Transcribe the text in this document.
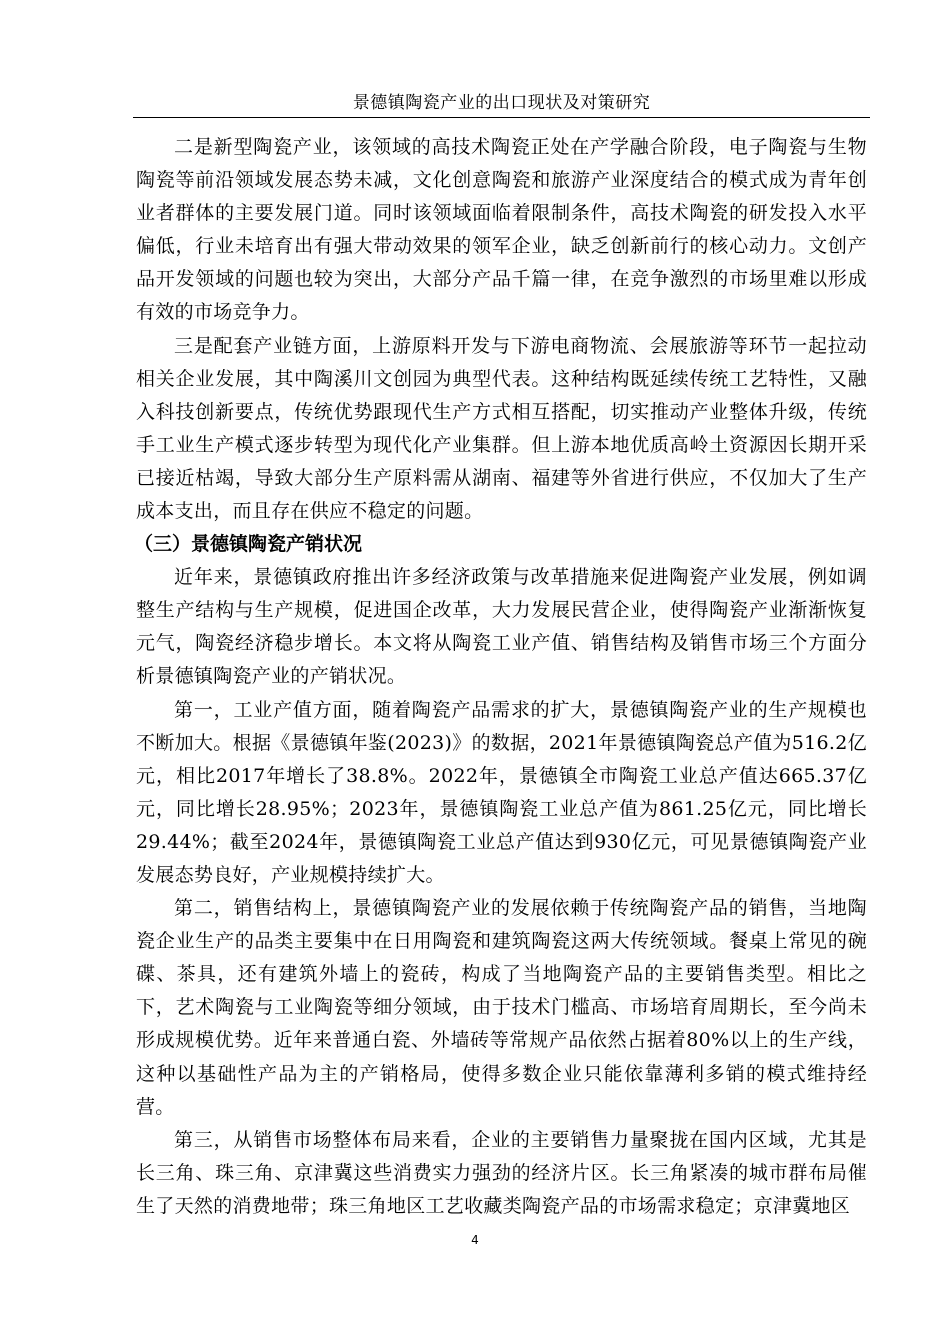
景德镇陶瓷产业的出口现状及对策研究

二是新型陶瓷产业，该领域的高技术陶瓷正处在产学融合阶段，电子陶瓷与生物陶瓷等前沿领域发展态势未减，文化创意陶瓷和旅游产业深度结合的模式成为青年创业者群体的主要发展门道。同时该领域面临着限制条件，高技术陶瓷的研发投入水平偏低，行业未培育出有强大带动效果的领军企业，缺乏创新前行的核心动力。文创产品开发领域的问题也较为突出，大部分产品千篇一律，在竞争激烈的市场里难以形成有效的市场竞争力。

三是配套产业链方面，上游原料开发与下游电商物流、会展旅游等环节一起拉动相关企业发展，其中陶溪川文创园为典型代表。这种结构既延续传统工艺特性，又融入科技创新要点，传统优势跟现代生产方式相互搭配，切实推动产业整体升级，传统手工业生产模式逐步转型为现代化产业集群。但上游本地优质高岭土资源因长期开采已接近枯竭，导致大部分生产原料需从湖南、福建等外省进行供应，不仅加大了生产成本支出，而且存在供应不稳定的问题。

（三）景德镇陶瓷产销状况

近年来，景德镇政府推出许多经济政策与改革措施来促进陶瓷产业发展，例如调整生产结构与生产规模，促进国企改革，大力发展民营企业，使得陶瓷产业渐渐恢复元气，陶瓷经济稳步增长。本文将从陶瓷工业产值、销售结构及销售市场三个方面分析景德镇陶瓷产业的产销状况。

第一，工业产值方面，随着陶瓷产品需求的扩大，景德镇陶瓷产业的生产规模也不断加大。根据《景德镇年鉴(2023)》的数据，2021年景德镇陶瓷总产值为516.2亿元，相比2017年增长了38.8%。2022年，景德镇全市陶瓷工业总产值达665.37亿元，同比增长28.95%；2023年，景德镇陶瓷工业总产值为861.25亿元，同比增长29.44%；截至2024年，景德镇陶瓷工业总产值达到930亿元，可见景德镇陶瓷产业发展态势良好，产业规模持续扩大。

第二，销售结构上，景德镇陶瓷产业的发展依赖于传统陶瓷产品的销售，当地陶瓷企业生产的品类主要集中在日用陶瓷和建筑陶瓷这两大传统领域。餐桌上常见的碗碟、茶具，还有建筑外墙上的瓷砖，构成了当地陶瓷产品的主要销售类型。相比之下，艺术陶瓷与工业陶瓷等细分领域，由于技术门槛高、市场培育周期长，至今尚未形成规模优势。近年来普通白瓷、外墙砖等常规产品依然占据着80%以上的生产线，这种以基础性产品为主的产销格局，使得多数企业只能依靠薄利多销的模式维持经营。

第三，从销售市场整体布局来看，企业的主要销售力量聚拢在国内区域，尤其是长三角、珠三角、京津冀这些消费实力强劲的经济片区。长三角紧凑的城市群布局催生了天然的消费地带；珠三角地区工艺收藏类陶瓷产品的市场需求稳定；京津冀地区

4
